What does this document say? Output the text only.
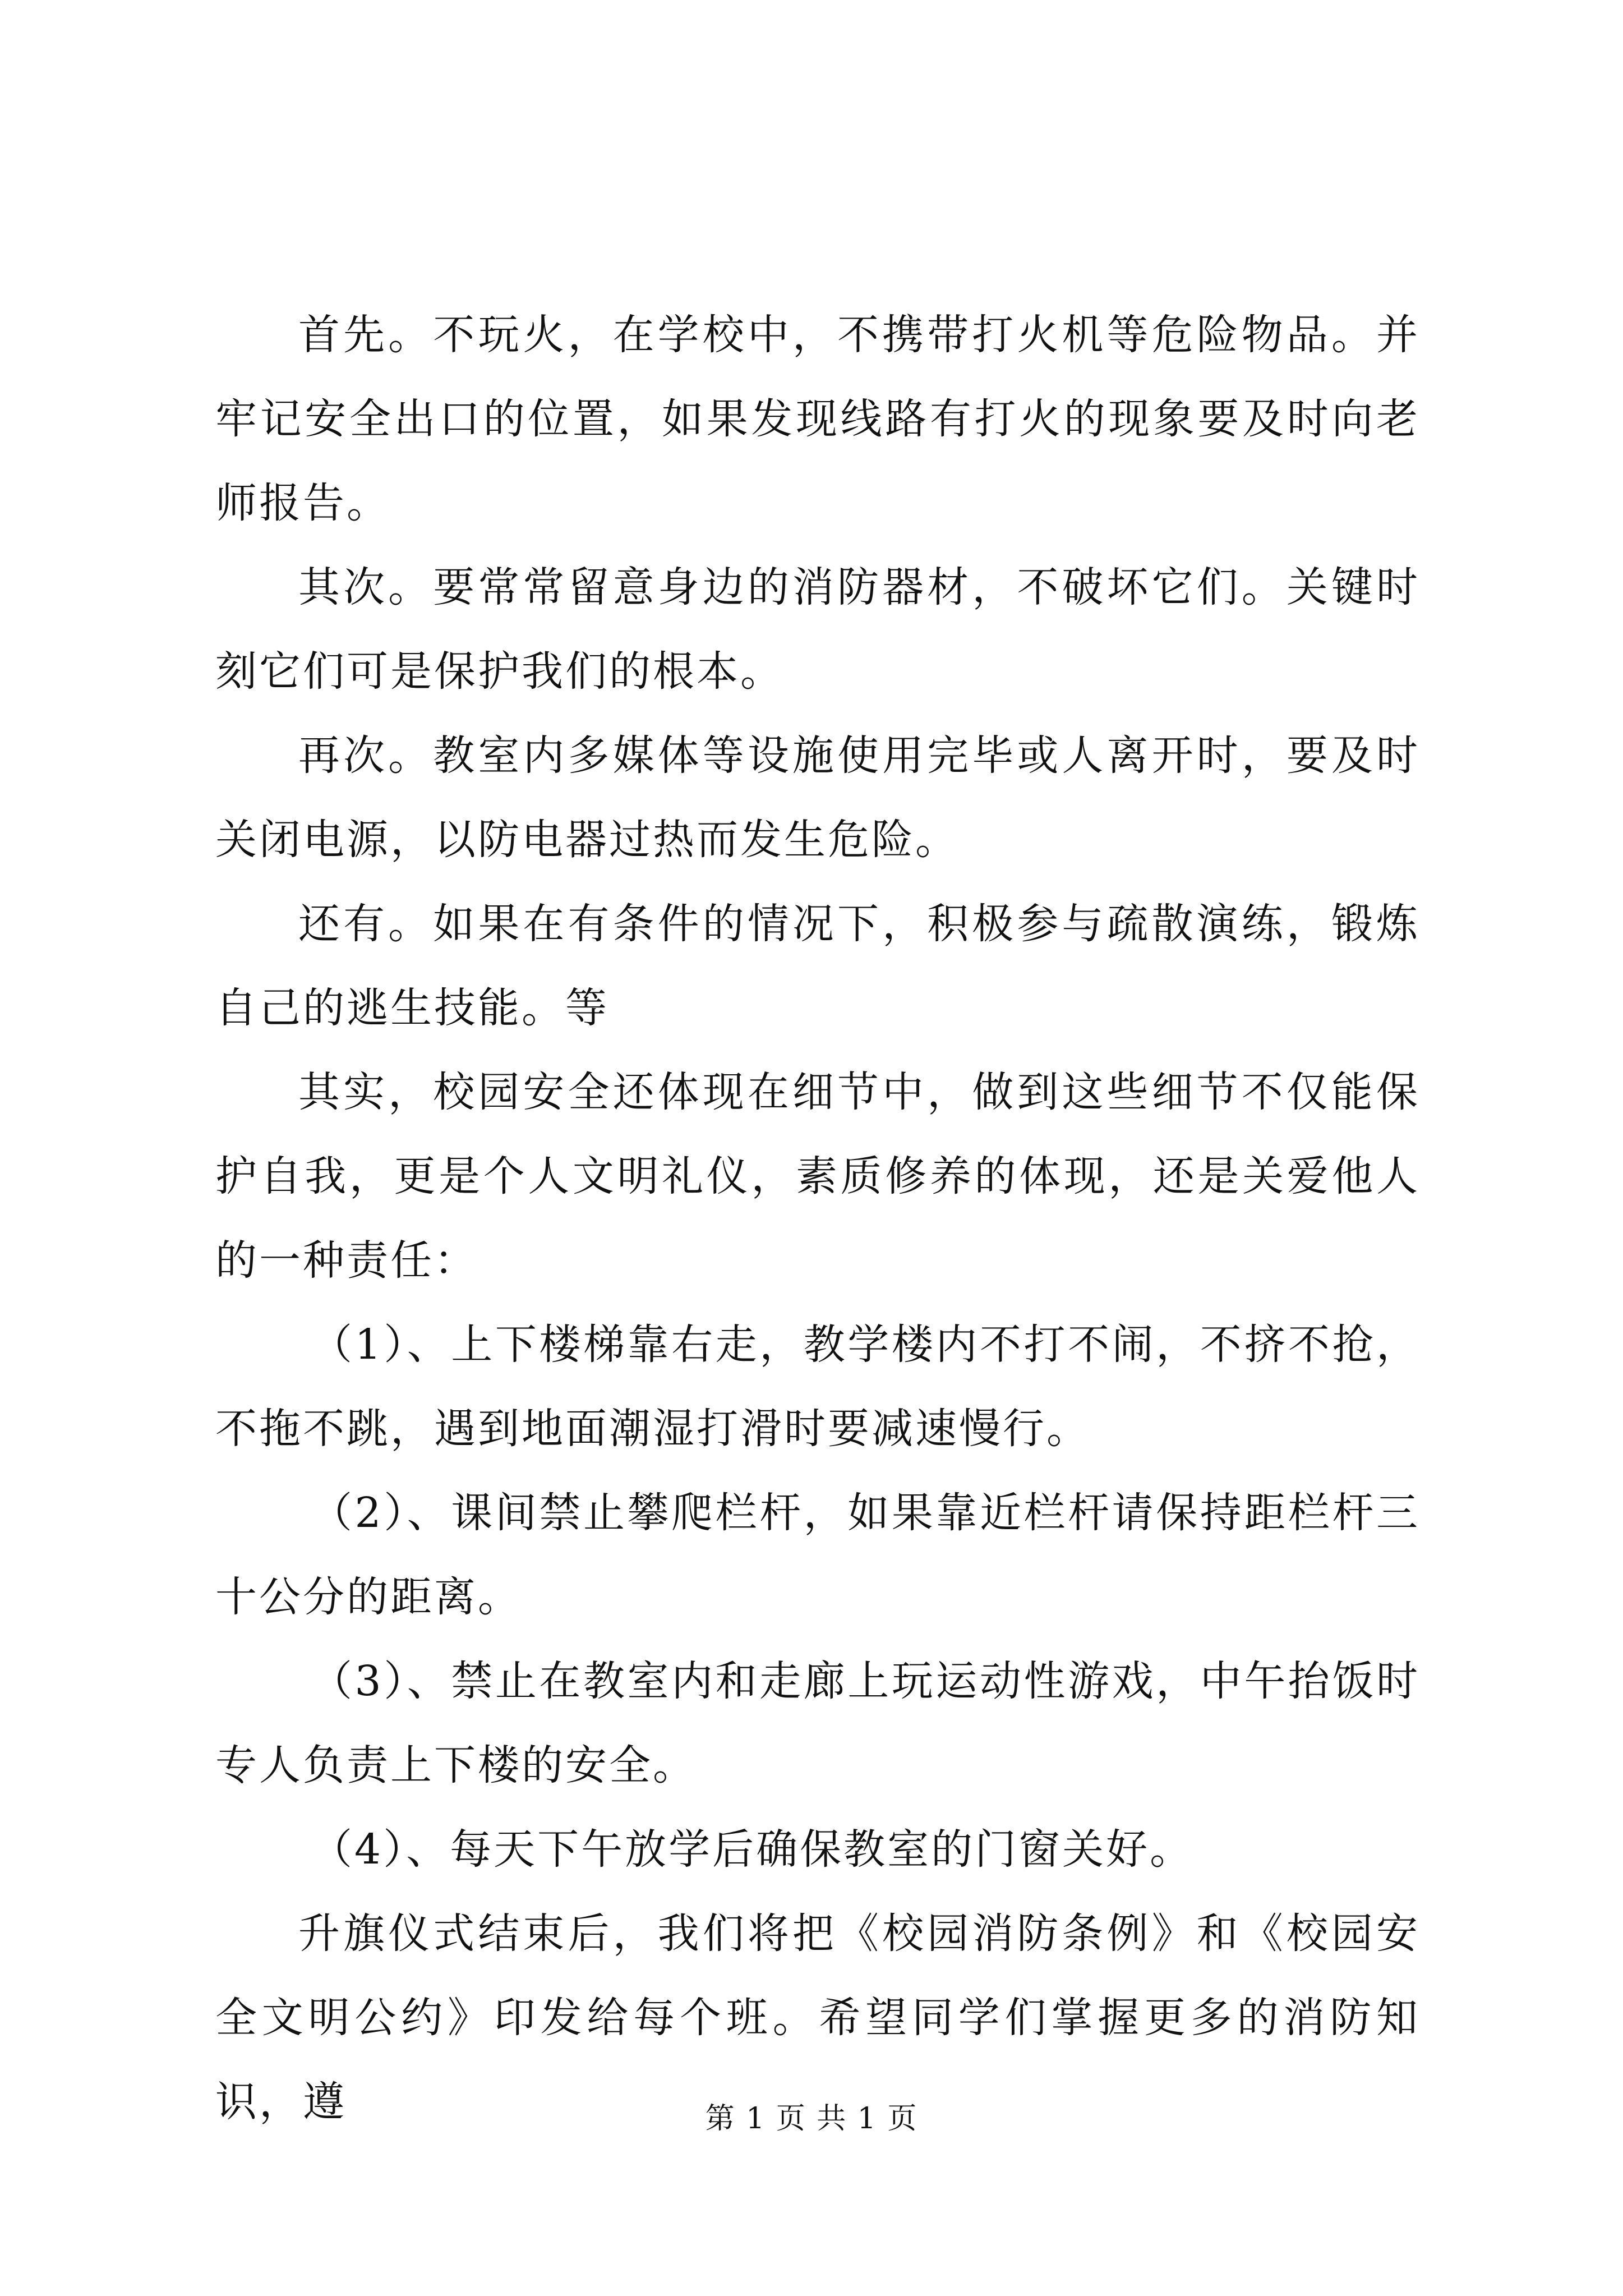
首先。不玩火，在学校中，不携带打火机等危险物品。并牢记安全出口的位置，如果发现线路有打火的现象要及时向老师报告。

其次。要常常留意身边的消防器材，不破坏它们。关键时刻它们可是保护我们的根本。

再次。教室内多媒体等设施使用完毕或人离开时，要及时关闭电源，以防电器过热而发生危险。

还有。如果在有条件的情况下，积极参与疏散演练，锻炼自己的逃生技能。等

其实，校园安全还体现在细节中，做到这些细节不仅能保护自我，更是个人文明礼仪，素质修养的体现，还是关爱他人的一种责任：

（1）、上下楼梯靠右走，教学楼内不打不闹，不挤不抢，不拖不跳，遇到地面潮湿打滑时要减速慢行。

（2）、课间禁止攀爬栏杆，如果靠近栏杆请保持距栏杆三十公分的距离。

（3）、禁止在教室内和走廊上玩运动性游戏，中午抬饭时专人负责上下楼的安全。

（4）、每天下午放学后确保教室的门窗关好。

升旗仪式结束后，我们将把《校园消防条例》和《校园安全文明公约》印发给每个班。希望同学们掌握更多的消防知识，遵	第 1 页 共 1 页
